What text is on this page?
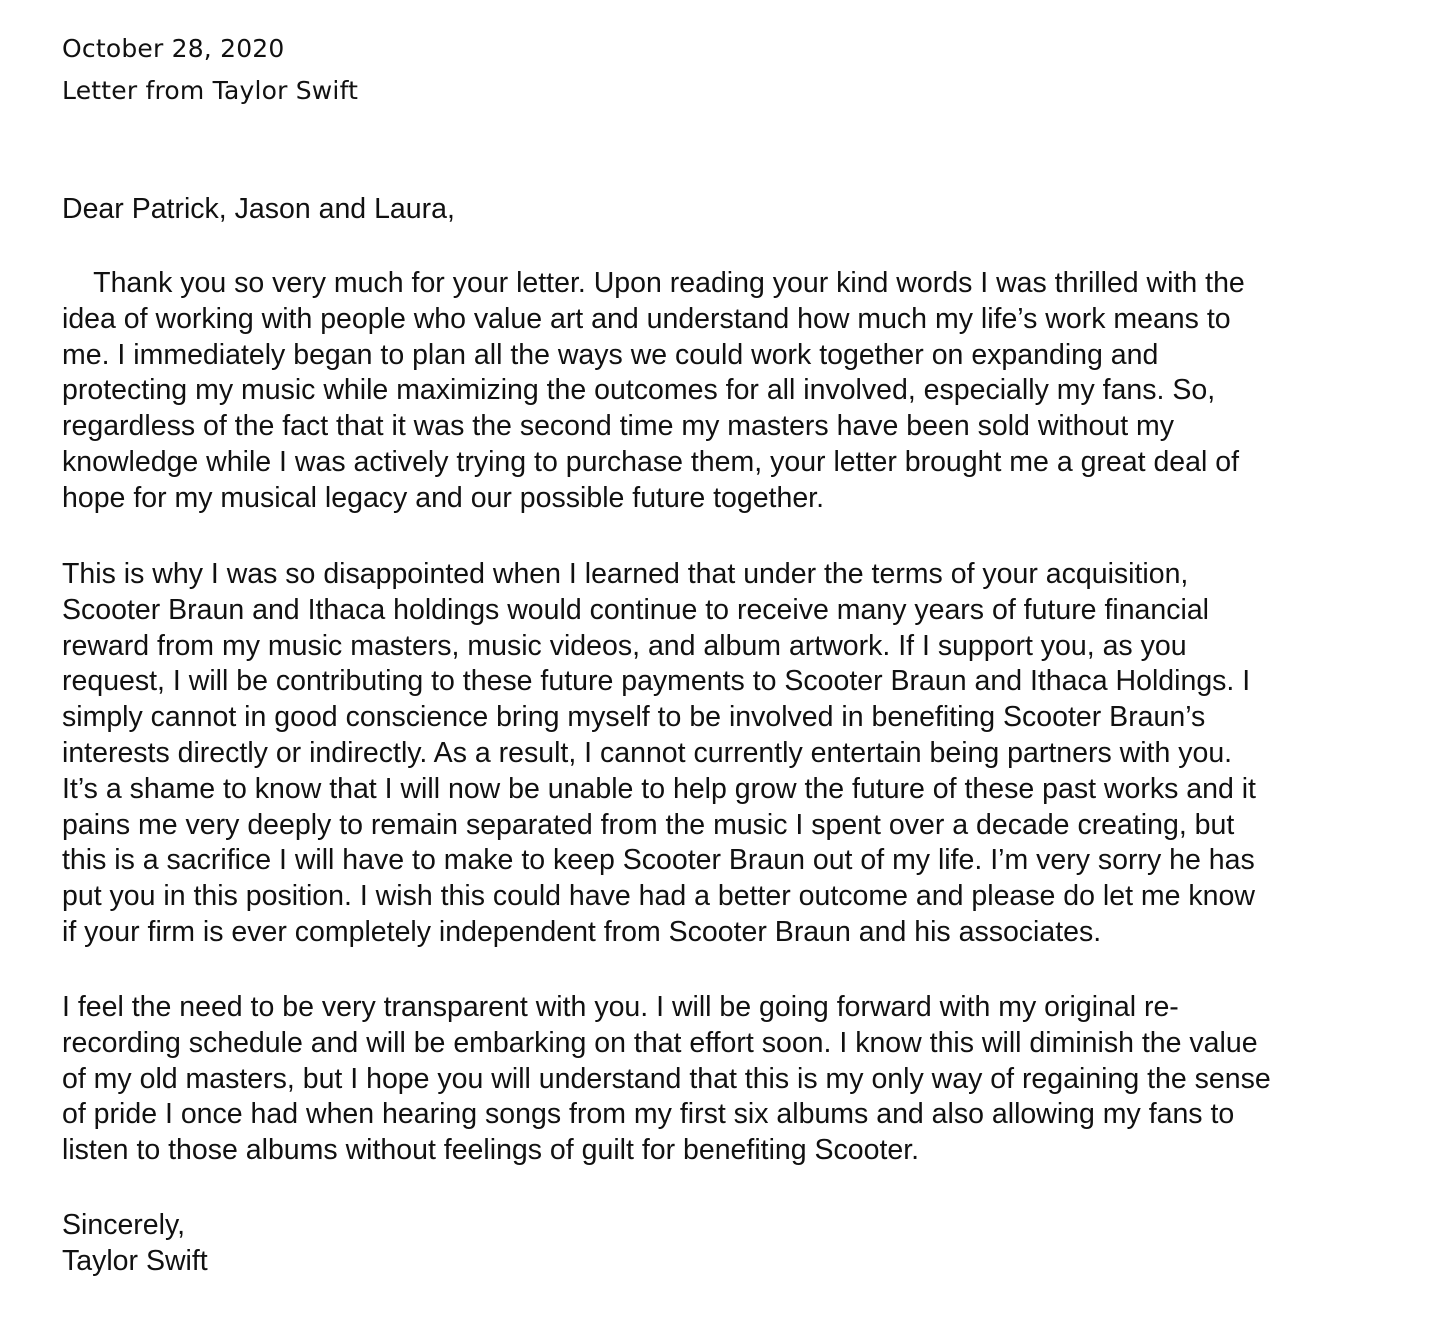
October 28, 2020
Letter from Taylor Swift
Dear Patrick, Jason and Laura,
Thank you so very much for your letter. Upon reading your kind words I was thrilled with the
idea of working with people who value art and understand how much my life’s work means to
me. I immediately began to plan all the ways we could work together on expanding and
protecting my music while maximizing the outcomes for all involved, especially my fans. So,
regardless of the fact that it was the second time my masters have been sold without my
knowledge while I was actively trying to purchase them, your letter brought me a great deal of
hope for my musical legacy and our possible future together.
This is why I was so disappointed when I learned that under the terms of your acquisition,
Scooter Braun and Ithaca holdings would continue to receive many years of future financial
reward from my music masters, music videos, and album artwork. If I support you, as you
request, I will be contributing to these future payments to Scooter Braun and Ithaca Holdings. I
simply cannot in good conscience bring myself to be involved in benefiting Scooter Braun’s
interests directly or indirectly. As a result, I cannot currently entertain being partners with you.
It’s a shame to know that I will now be unable to help grow the future of these past works and it
pains me very deeply to remain separated from the music I spent over a decade creating, but
this is a sacrifice I will have to make to keep Scooter Braun out of my life. I’m very sorry he has
put you in this position. I wish this could have had a better outcome and please do let me know
if your firm is ever completely independent from Scooter Braun and his associates.
I feel the need to be very transparent with you. I will be going forward with my original re-
recording schedule and will be embarking on that effort soon. I know this will diminish the value
of my old masters, but I hope you will understand that this is my only way of regaining the sense
of pride I once had when hearing songs from my first six albums and also allowing my fans to
listen to those albums without feelings of guilt for benefiting Scooter.
Sincerely,
Taylor Swift
